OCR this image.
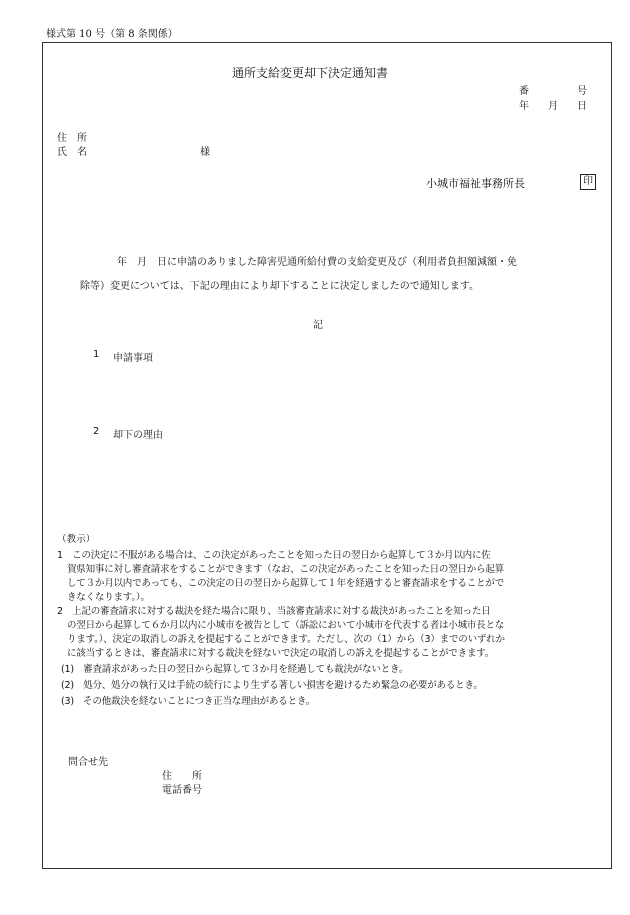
様式第 10 号（第 8 条関係）
通所支給変更却下決定通知書
番	号
年 月 日
住　所
氏　名	様
小城市福祉事務所長	印
年　月　日に申請のありました障害児通所給付費の支給変更及び（利用者負担額減額・免
除等）変更については、下記の理由により却下することに決定しましたので通知します。
記
1 申請事項
2 却下の理由
（教示）
1　この決定に不服がある場合は、この決定があったことを知った日の翌日から起算して３か月以内に佐
賀県知事に対し審査請求をすることができます（なお、この決定があったことを知った日の翌日から起算
して３か月以内であっても、この決定の日の翌日から起算して１年を経過すると審査請求をすることがで
きなくなります。）。
2　上記の審査請求に対する裁決を経た場合に限り、当該審査請求に対する裁決があったことを知った日
の翌日から起算して６か月以内に小城市を被告として（訴訟において小城市を代表する者は小城市長とな
ります。）、決定の取消しの訴えを提起することができます。ただし、次の（1）から（3）までのいずれか
に該当するときは、審査請求に対する裁決を経ないで決定の取消しの訴えを提起することができます。
(1)　審査請求があった日の翌日から起算して３か月を経過しても裁決がないとき。
(2)　処分、処分の執行又は手続の続行により生ずる著しい損害を避けるため緊急の必要があるとき。
(3)　その他裁決を経ないことにつき正当な理由があるとき。
問合せ先
住　　所
電話番号
